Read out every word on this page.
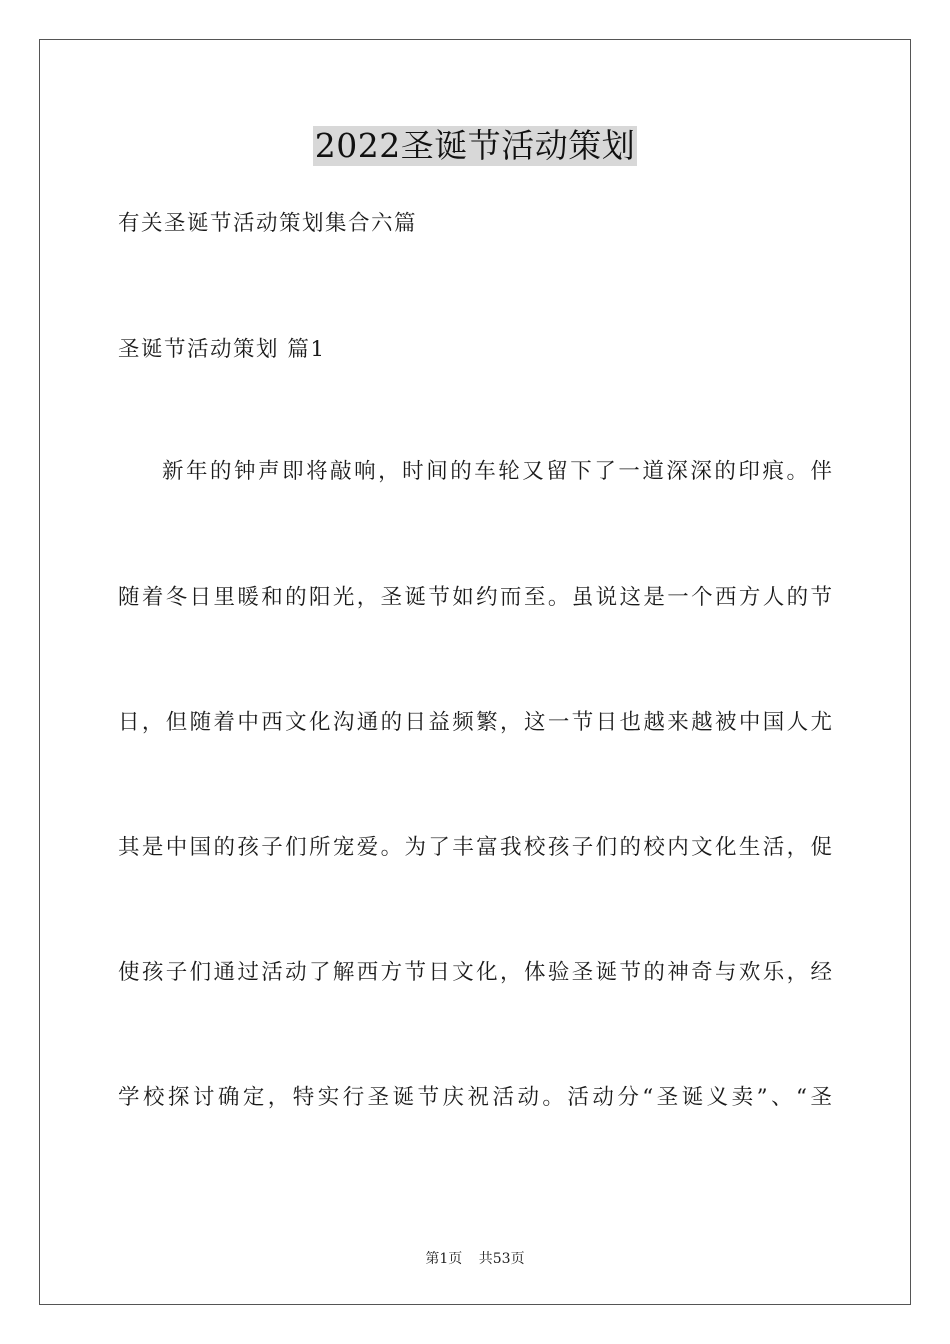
2022圣诞节活动策划
有关圣诞节活动策划集合六篇
圣诞节活动策划 篇1
新年的钟声即将敲响，时间的车轮又留下了一道深深的印痕。伴
随着冬日里暖和的阳光，圣诞节如约而至。虽说这是一个西方人的节
日，但随着中西文化沟通的日益频繁，这一节日也越来越被中国人尤
其是中国的孩子们所宠爱。为了丰富我校孩子们的校内文化生活，促
使孩子们通过活动了解西方节日文化，体验圣诞节的神奇与欢乐，经
学校探讨确定，特实行圣诞节庆祝活动。活动分“圣诞义卖”、“圣
第1页 共53页
